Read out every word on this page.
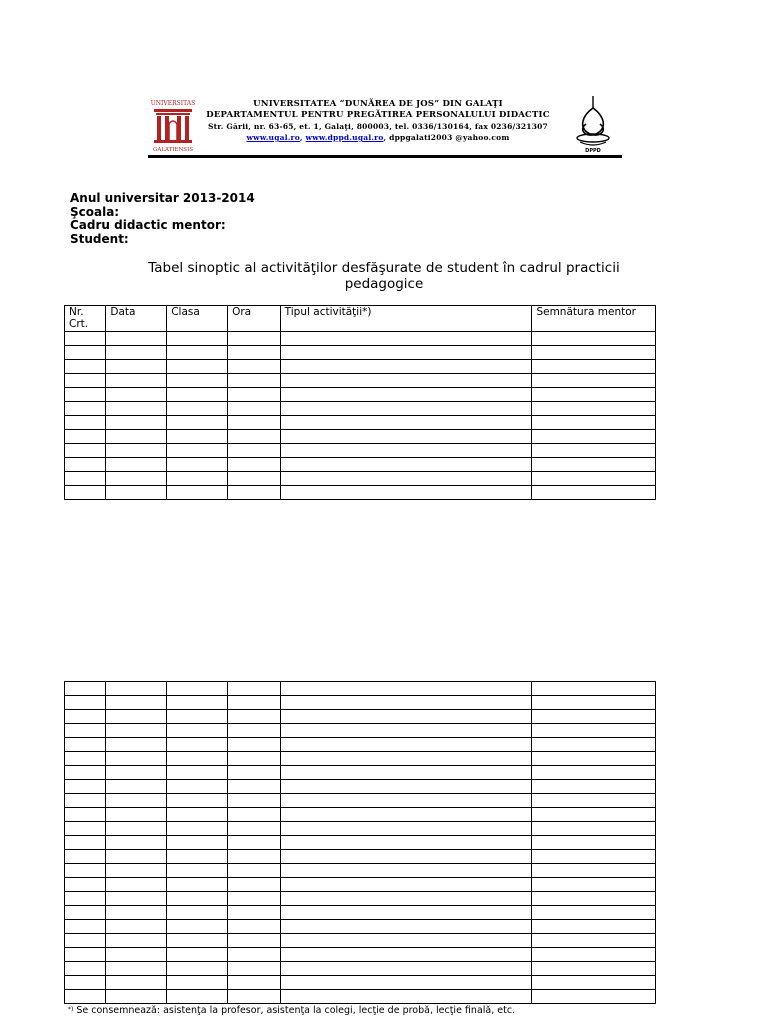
UNIVERSITAS
GALATIENSIS
UNIVERSITATEA “DUNĂREA DE JOS” DIN GALAŢI
DEPARTAMENTUL PENTRU PREGĂTIREA PERSONALULUI DIDACTIC
Str. Gării, nr. 63-65, et. 1, Galaţi, 800003, tel. 0336/130164, fax 0236/321307
www.ugal.ro, www.dppd.ugal.ro, dppgalati2003 @yahoo.com
DPPD
Anul universitar 2013-2014
Şcoala:
Cadru didactic mentor:
Student:
Tabel sinoptic al activităţilor desfăşurate de student în cadrul practicii
pedagogice
Nr. Crt.	Data	Clasa	Ora	Tipul activităţii*)	Semnătura mentor

*) Se consemnează: asistenţa la profesor, asistenţa la colegi, lecţie de probă, lecţie finală, etc.
